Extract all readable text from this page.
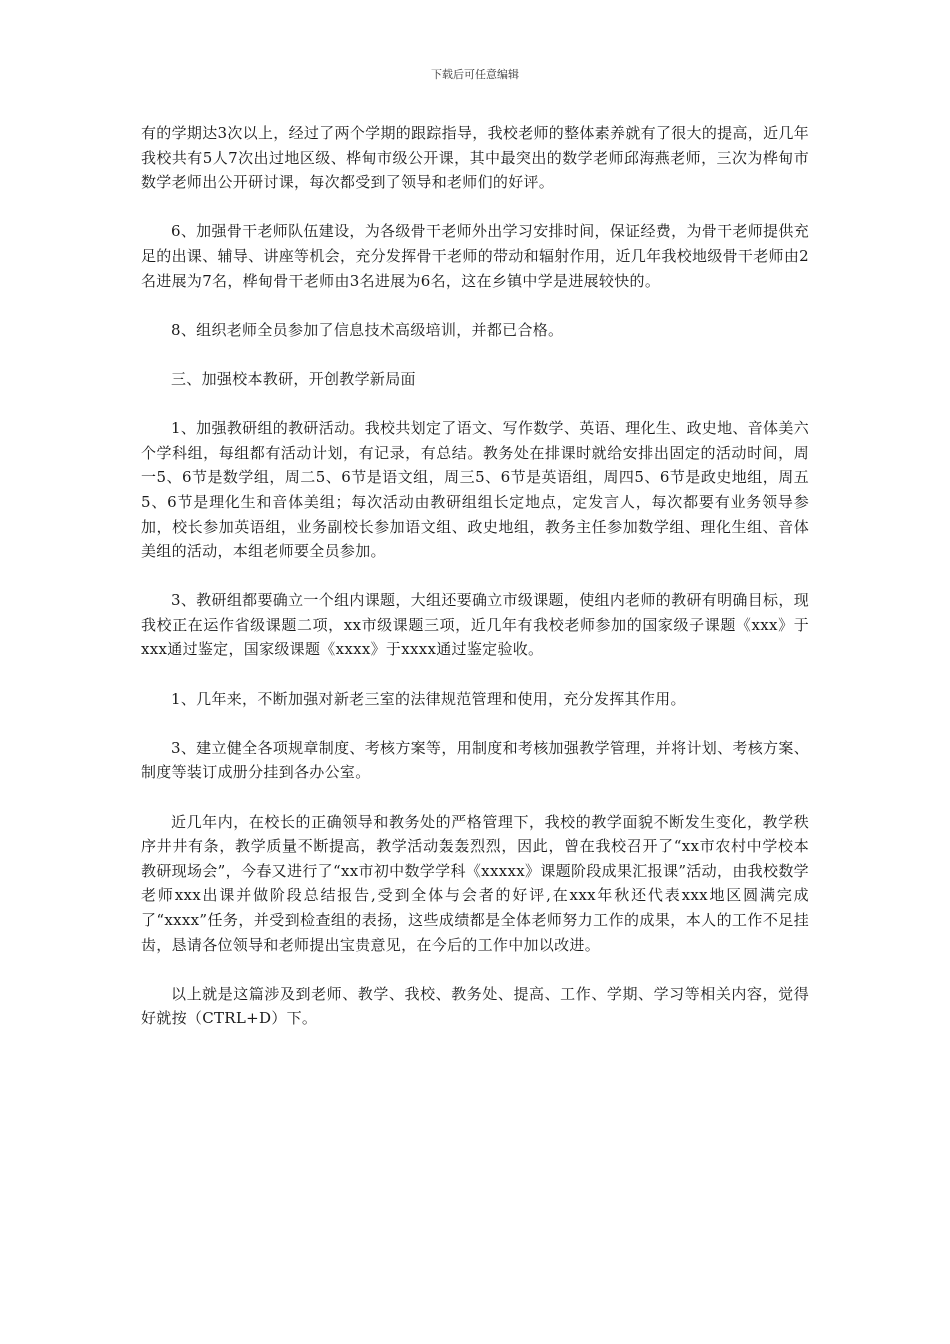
下载后可任意编辑

有的学期达3次以上，经过了两个学期的跟踪指导，我校老师的整体素养就有了很大的提高，近几年我校共有5人7次出过地区级、桦甸市级公开课，其中最突出的数学老师邱海燕老师，三次为桦甸市数学老师出公开研讨课，每次都受到了领导和老师们的好评。

6、加强骨干老师队伍建设，为各级骨干老师外出学习安排时间，保证经费，为骨干老师提供充足的出课、辅导、讲座等机会，充分发挥骨干老师的带动和辐射作用，近几年我校地级骨干老师由2名进展为7名，桦甸骨干老师由3名进展为6名，这在乡镇中学是进展较快的。

8、组织老师全员参加了信息技术高级培训，并都已合格。

三、加强校本教研，开创教学新局面

1、加强教研组的教研活动。我校共划定了语文、写作数学、英语、理化生、政史地、音体美六个学科组，每组都有活动计划，有记录，有总结。教务处在排课时就给安排出固定的活动时间，周一5、6节是数学组，周二5、6节是语文组，周三5、6节是英语组，周四5、6节是政史地组，周五5、6节是理化生和音体美组；每次活动由教研组组长定地点，定发言人，每次都要有业务领导参加，校长参加英语组，业务副校长参加语文组、政史地组，教务主任参加数学组、理化生组、音体美组的活动，本组老师要全员参加。

3、教研组都要确立一个组内课题，大组还要确立市级课题，使组内老师的教研有明确目标，现我校正在运作省级课题二项，xx市级课题三项，近几年有我校老师参加的国家级子课题《xxx》于xxx通过鉴定，国家级课题《xxxx》于xxxx通过鉴定验收。

1、几年来，不断加强对新老三室的法律规范管理和使用，充分发挥其作用。

3、建立健全各项规章制度、考核方案等，用制度和考核加强教学管理，并将计划、考核方案、制度等装订成册分挂到各办公室。

近几年内，在校长的正确领导和教务处的严格管理下，我校的教学面貌不断发生变化，教学秩序井井有条，教学质量不断提高，教学活动轰轰烈烈，因此，曾在我校召开了“xx市农村中学校本教研现场会”，今春又进行了“xx市初中数学学科《xxxxx》课题阶段成果汇报课”活动，由我校数学老师xxx出课并做阶段总结报告,受到全体与会者的好评,在xxx年秋还代表xxx地区圆满完成了“xxxx”任务，并受到检查组的表扬，这些成绩都是全体老师努力工作的成果，本人的工作不足挂齿，恳请各位领导和老师提出宝贵意见，在今后的工作中加以改进。

以上就是这篇涉及到老师、教学、我校、教务处、提高、工作、学期、学习等相关内容，觉得好就按（CTRL+D）下。
